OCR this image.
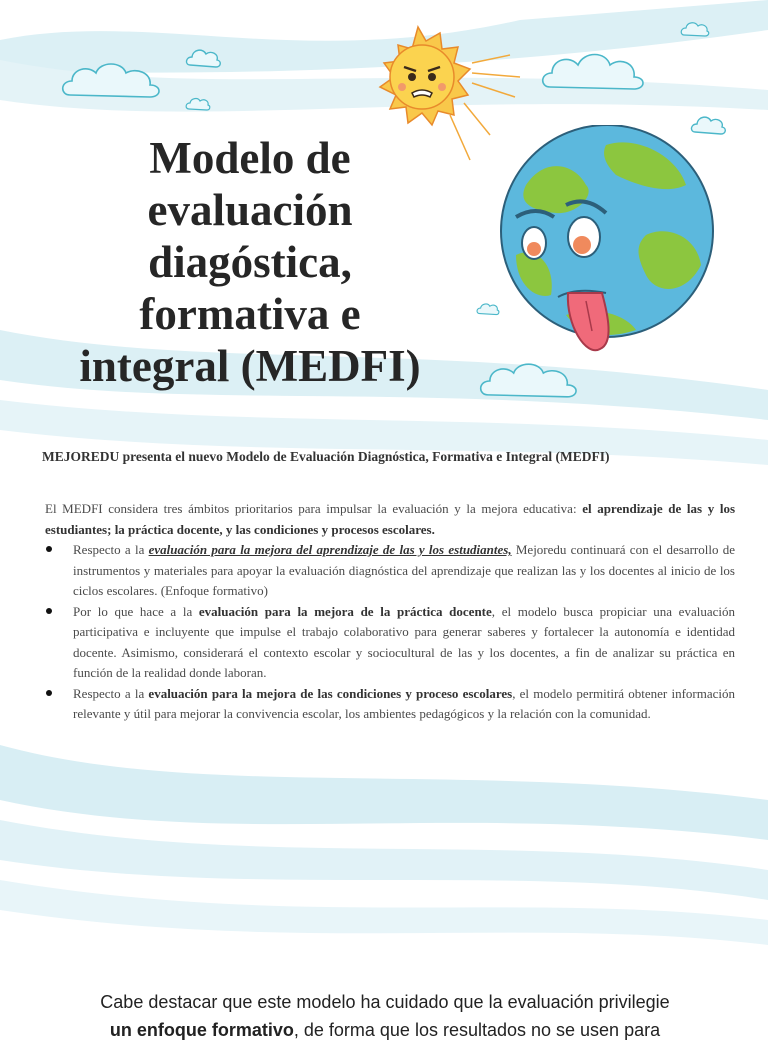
Modelo de
evaluación
diagóstica,
formativa e
integral (MEDFI)
MEJOREDU presenta el nuevo Modelo de Evaluación Diagnóstica, Formativa e Integral (MEDFI)
El MEDFI considera tres ámbitos prioritarios para impulsar la evaluación y la mejora educativa: el aprendizaje de las y los estudiantes; la práctica docente, y las condiciones y procesos escolares.
Respecto a la evaluación para la mejora del aprendizaje de las y los estudiantes, Mejoredu continuará con el desarrollo de instrumentos y materiales para apoyar la evaluación diagnóstica del aprendizaje que realizan las y los docentes al inicio de los ciclos escolares. (Enfoque formativo)
Por lo que hace a la evaluación para la mejora de la práctica docente, el modelo busca propiciar una evaluación participativa e incluyente que impulse el trabajo colaborativo para generar saberes y fortalecer la autonomía e identidad docente. Asimismo, considerará el contexto escolar y sociocultural de las y los docentes, a fin de analizar su práctica en función de la realidad donde laboran.
Respecto a la evaluación para la mejora de las condiciones y proceso escolares, el modelo permitirá obtener información relevante y útil para mejorar la convivencia escolar, los ambientes pedagógicos y la relación con la comunidad.
Cabe destacar que este modelo ha cuidado que la evaluación privilegie
un enfoque formativo, de forma que los resultados no se usen para
